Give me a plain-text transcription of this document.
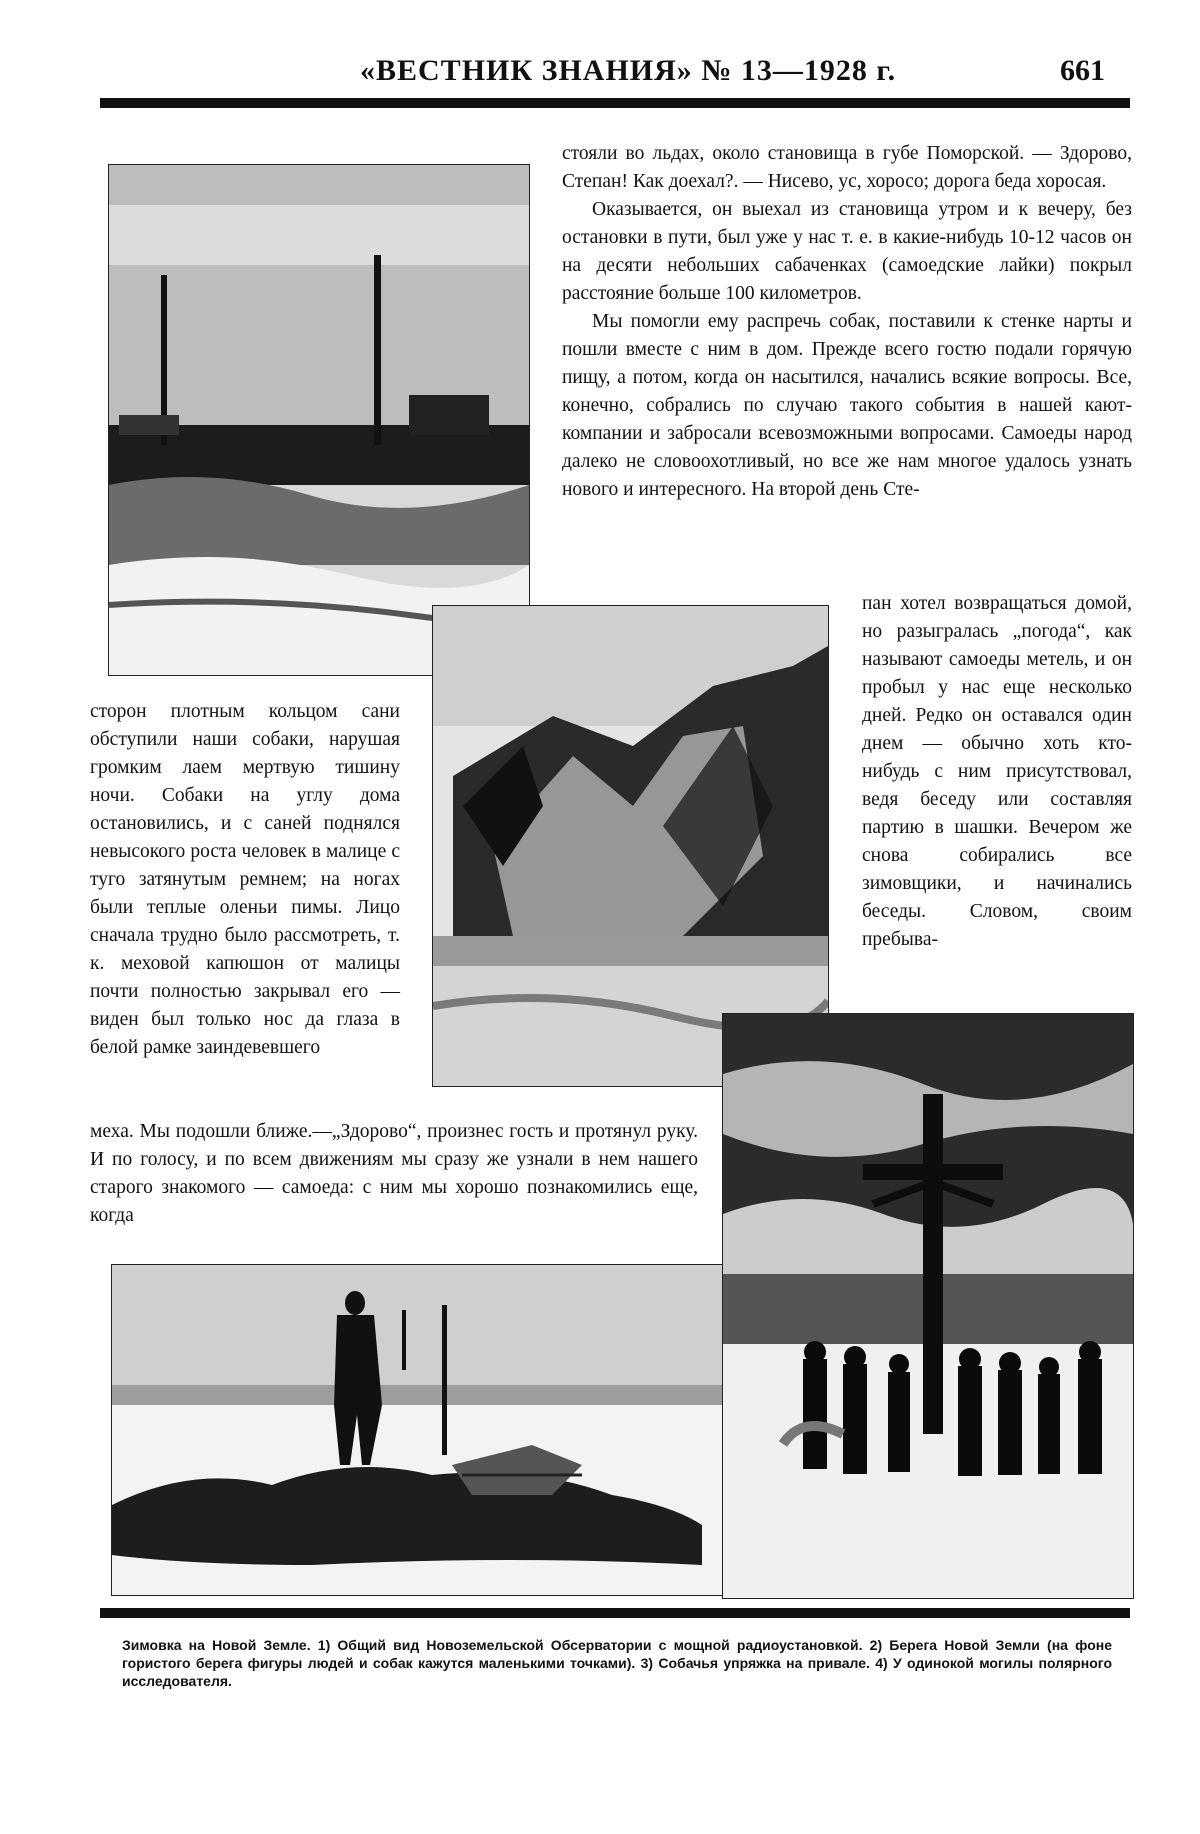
«ВЕСТНИК ЗНАНИЯ» № 13—1928 г.	661

стояли во льдах, около становища в губе Поморской. — Здорово, Степан! Как доехал?. — Нисево, ус, хоросо; дорога беда хоросая.

Оказывается, он выехал из становища утром и к вечеру, без остановки в пути, был уже у нас т. е. в какие-нибудь 10-12 часов он на десяти небольших сабаченках (самоедские лайки) покрыл расстояние больше 100 километров.

Мы помогли ему распречь собак, поставили к стенке нарты и пошли вместе с ним в дом. Прежде всего гостю подали горячую пищу, а потом, когда он насытился, начались всякие вопросы. Все, конечно, собрались по случаю такого события в нашей кают-компании и забросали всевозможными вопросами. Самоеды народ далеко не словоохотливый, но все же нам многое удалось узнать нового и интересного. На второй день Сте-

пан хотел возвращаться домой, но разыгралась „погода“, как называют самоеды метель, и он пробыл у нас еще несколько дней. Редко он оставался один днем — обычно хоть кто-нибудь с ним присутствовал, ведя беседу или составляя партию в шашки. Вечером же снова собирались все зимовщики, и начинались беседы. Словом, своим пребыва-

сторон плотным кольцом сани обступили наши собаки, нарушая громким лаем мертвую тишину ночи. Собаки на углу дома остановились, и с саней поднялся невысокого роста человек в малице с туго затянутым ремнем; на ногах были теплые оленьи пимы. Лицо сначала трудно было рассмотреть, т. к. меховой капюшон от малицы почти полностью закрывал его — виден был только нос да глаза в белой рамке заиндевевшего

меха. Мы подошли ближе.—„Здорово“, произнес гость и протянул руку. И по голосу, и по всем движениям мы сразу же узнали в нем нашего старого знакомого — самоеда: с ним мы хорошо познакомились еще, когда

Зимовка на Новой Земле. 1) Общий вид Новоземельской Обсерватории с мощной радиоустановкой. 2) Берега Новой Земли (на фоне гористого берега фигуры людей и собак кажутся маленькими точками). 3) Собачья упряжка на привале. 4) У одинокой могилы полярного исследователя.
